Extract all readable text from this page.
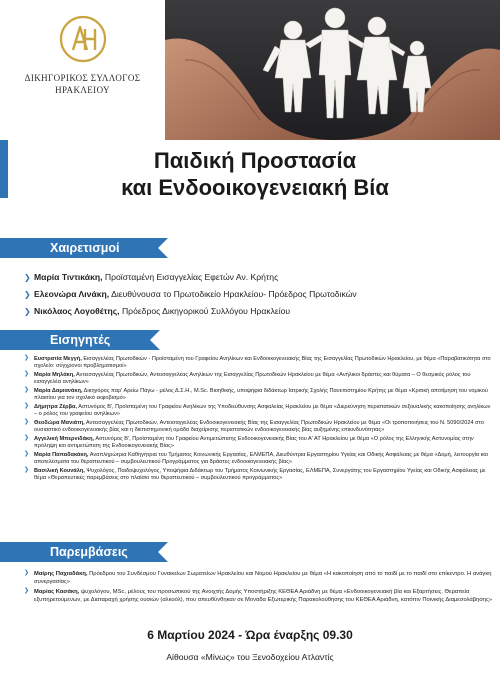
ΔΙΚΗΓΟΡΙΚΟΣ ΣΥΛΛΟΓΟΣ
ΗΡΑΚΛΕΙΟΥ
Παιδική Προστασία
και Ενδοοικογενειακή Βία
Χαιρετισμοί
❯ Μαρία Τιντικάκη, Προϊσταμένη Εισαγγελίας Εφετών Αν. Κρήτης
❯ Ελεονώρα Λινάκη, Διευθύνουσα το Πρωτοδικείο Ηρακλείου- Πρόεδρος Πρωτοδικών
❯ Νικόλαος Λογοθέτης, Πρόεδρος Δικηγορικού Συλλόγου Ηρακλείου
Εισηγητές
❯ Ευστρατία Μεγγή, Εισαγγελέας Πρωτοδικών - Προϊσταμένη του Γραφείου Ανηλίκων και Ενδοοικογενειακής Βίας της Εισαγγελίας Πρωτοδικών Ηρακλείου, με θέμα «Παραβατικότητα στο σχολείο: σύγχρονοι προβληματισμοί»
❯ Μαρία Μηλάκη, Αντεισαγγελέας Πρωτοδικών, Αντεισαγγελέας Ανηλίκων της Εισαγγελίας Πρωτοδικών Ηρακλείου με θέμα «Ανήλικοι δράστες και θύματα – Ο θεσμικός ρόλος του εισαγγελέα ανηλίκων»
❯ Μαρία Δαμιανάκη, Δικηγόρος παρ' Αρείω Πάγω - μέλος Δ.Σ.Η., M.Sc. Βιοηθικής, υποψήφια διδάκτωρ Ιατρικής Σχολής Πανεπιστημίου Κρήτης με θέμα «Κριτική αποτίμηση του νομικού πλαισίου για τον σχολικό εκφοβισμό»
❯ Δήμητρα Ζέρβα, Αστυνόμος Β', Προϊσταμένη του Γραφείου Ανηλίκων της Υποδιεύθυνσης Ασφαλείας Ηρακλείου με θέμα «Διερεύνηση περιστατικών σεξουαλικής κακοποίησης ανηλίκων – ο ρόλος του γραφείου ανηλίκων»
❯ Θεοδώρα Μανιάτη, Αντεισαγγελέας Πρωτοδικών, Αντεισαγγελέας Ενδοοικογενειακής Βίας της Εισαγγελίας Πρωτοδικών Ηρακλείου με θέμα «Οι τροποποιήσεις του Ν. 5090/2024 στο ουσιαστικό ενδοοικογενειακής βίας και η διεπιστημονική ομάδα διαχείρισης περιστατικών ενδοοικογενειακής βίας αυξημένης επικινδυνότητας»
❯ Αγγελική Μπερνιδάκη, Αστυνόμος Β', Προϊσταμένη του Γραφείου Αντιμετώπισης Ενδοοικογενειακής Βίας του Α' ΑΤ Ηρακλείου με θέμα «Ο ρόλος της Ελληνικής Αστυνομίας στην πρόληψη και αντιμετώπιση της Ενδοοικογενειακής Βίας»
❯ Μαρία Παπαδακάκη, Αναπληρώτρια Καθηγήτρια του Τμήματος Κοινωνικής Εργασίας, ΕΛΜΕΠΑ, Διευθύντρια Εργαστηρίου Υγείας και Οδικής Ασφάλειας με θέμα «Δομή, λειτουργία και αποτελέσματα του θεραπευτικού – συμβουλευτικού Προγράμματος για δράστες ενδοοικογενειακής βίας»
❯ Βασιλική Κουνάλη, Ψυχολόγος, Παιδοψυχολόγος, Υποψήφια Διδάκτωρ του Τμήματος Κοινωνικής Εργασίας, ΕΛΜΕΠΑ, Συνεργάτης του Εργαστηρίου Υγείας και Οδικής Ασφάλειας με θέμα «Θεραπευτικές παρεμβάσεις στο πλαίσιο του θεραπευτικού – συμβουλευτικού προγράμματος»
Παρεμβάσεις
❯ Μαίρης Παχιαδάκη, Πρόεδρου του Συνδέσμου Γυναικείων Σωματείων Ηρακλείου και Νομού Ηρακλείου με θέμα «Η κακοποίηση από το παιδί με το παιδί στο επίκεντρο. Η ανάγκη συνεργασίας»
❯ Μαρίας Κασάκη, ψυχολόγου, MSc, μέλους του προσωπικού της Ανοιχτής Δομής Υποστήριξης ΚΕΘΕΑ Αριάδνη με θέμα «Ενδοοικογενειακή βία και Εξαρτήσεις. Θεραπεία εξυπηρετούμενων, με Διαταραχή χρήσης ουσιών (αλκοόλ), που απευθύνθηκαν σε Μονάδα Εξωτερικής Παρακολούθησης του ΚΕΘΕΑ Αριάδνη, κατόπιν Ποινικής Διαμεσολάβησης»
6 Μαρτίου 2024 - Ώρα έναρξης 09.30
Αίθουσα «Μίνως» του Ξενοδοχείου Ατλαντίς
